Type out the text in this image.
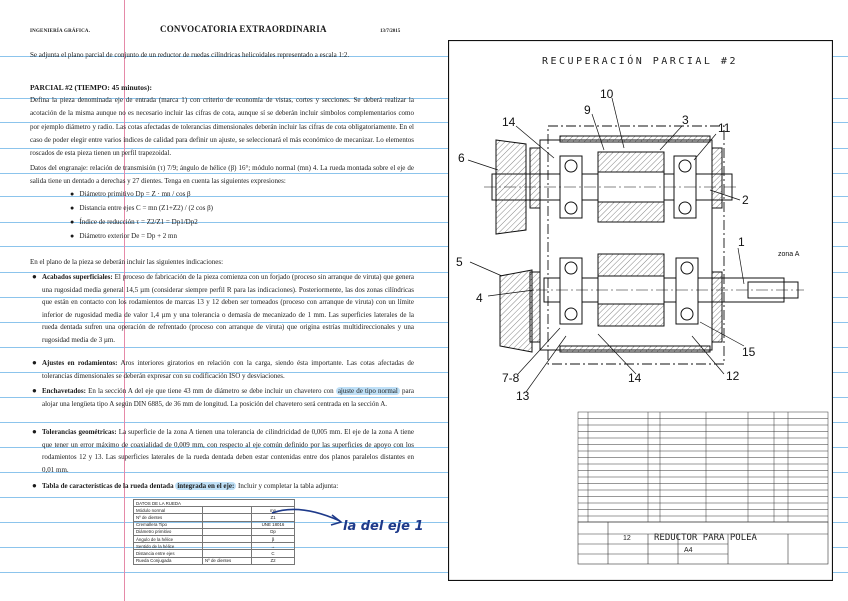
INGENIERÍA GRÁFICA.	CONVOCATORIA EXTRAORDINARIA	13/7/2015
Se adjunta el plano parcial de conjunto de un reductor de ruedas cilíndricas helicoidales representado a escala 1:2.
PARCIAL #2 (TIEMPO: 45 minutos):
Defina la pieza denominada eje de entrada (marca 1) con criterio de economía de vistas, cortes y secciones. Se deberá realizar la acotación de la misma aunque no es necesario incluir las cifras de cota, aunque sí se deberán incluir símbolos complementarios como por ejemplo diámetro y radio. Las cotas afectadas de tolerancias dimensionales deberán incluir las cifras de cota obligatoriamente. En el caso de poder elegir entre varios índices de calidad para definir un ajuste, se seleccionará el más económico de mecanizar. Lo elementos roscados de esta pieza tienen un perfil trapezoidal.
Datos del engranaje: relación de transmisión (τ) 7/9; ángulo de hélice (β) 16°; módulo normal (mn) 4. La rueda montada sobre el eje de salida tiene un dentado a derechas y 27 dientes. Tenga en cuenta las siguientes expresiones:
●   Diámetro primitivo Dp = Z · mn / cos β
●   Distancia entre ejes C = mn (Z1+Z2) / (2 cos β)
●   Índice de reducción τ = Z2/Z1 = Dp1/Dp2
●   Diámetro exterior De = Dp + 2 mn
En el plano de la pieza se deberán incluir las siguientes indicaciones:
● Acabados superficiales: El proceso de fabricación de la pieza comienza con un forjado (proceso sin arranque de viruta) que genera una rugosidad media general 14,5 µm (considerar siempre perfil R para las indicaciones). Posteriormente, las dos zonas cilíndricas que están en contacto con los rodamientos de marcas 13 y 12 deben ser torneados (proceso con arranque de viruta) con un límite inferior de rugosidad media de valor 1,4 µm y una tolerancia o demasía de mecanizado de 1 mm. Las superficies laterales de la rueda dentada sufren una operación de refrentado (proceso con arranque de viruta) que origina estrías multidireccionales y una rugosidad media de 3 µm.
● Ajustes en rodamientos: Aros interiores giratorios en relación con la carga, siendo ésta importante. Las cotas afectadas de tolerancias dimensionales se deberán expresar con su codificación ISO y desviaciones.
● Enchavetados: En la sección A del eje que tiene 43 mm de diámetro se debe incluir un chavetero con ajuste de tipo normal para alojar una lengüeta tipo A según DIN 6885, de 36 mm de longitud. La posición del chavetero será centrada en la sección A.
● Tolerancias geométricas: La superficie de la zona A tienen una tolerancia de cilindricidad de 0,005 mm. El eje de la zona A tiene que tener un error máximo de coaxialidad de 0,009 mm, con respecto al eje común definido por las superficies de apoyo con los rodamientos 12 y 13. Las superficies laterales de la rueda dentada deben estar contenidas entre dos planos paralelos distantes en 0,01 mm.
● Tabla de características de la rueda dentada integrada en el eje: Incluir y completar la tabla adjunta:
DATOS DE LA RUEDA		
Módulo normal		mn
Nº de dientes		Z1
Cremallera Tipo		UNE 18016
Diámetro primitivo		Dp
Ángulo de la hélice		β
Sentido de la hélice		→
Distancia entre ejes		C
Rueda Conjugada	Nº de dientes	Z2
la del eje 1
RECUPERACIÓN PARCIAL #2
10
9
14	3
11
6
2
1
5
4
15
12
14
7-8
13
zona A
12	REDUCTOR PARA POLEA
A4
